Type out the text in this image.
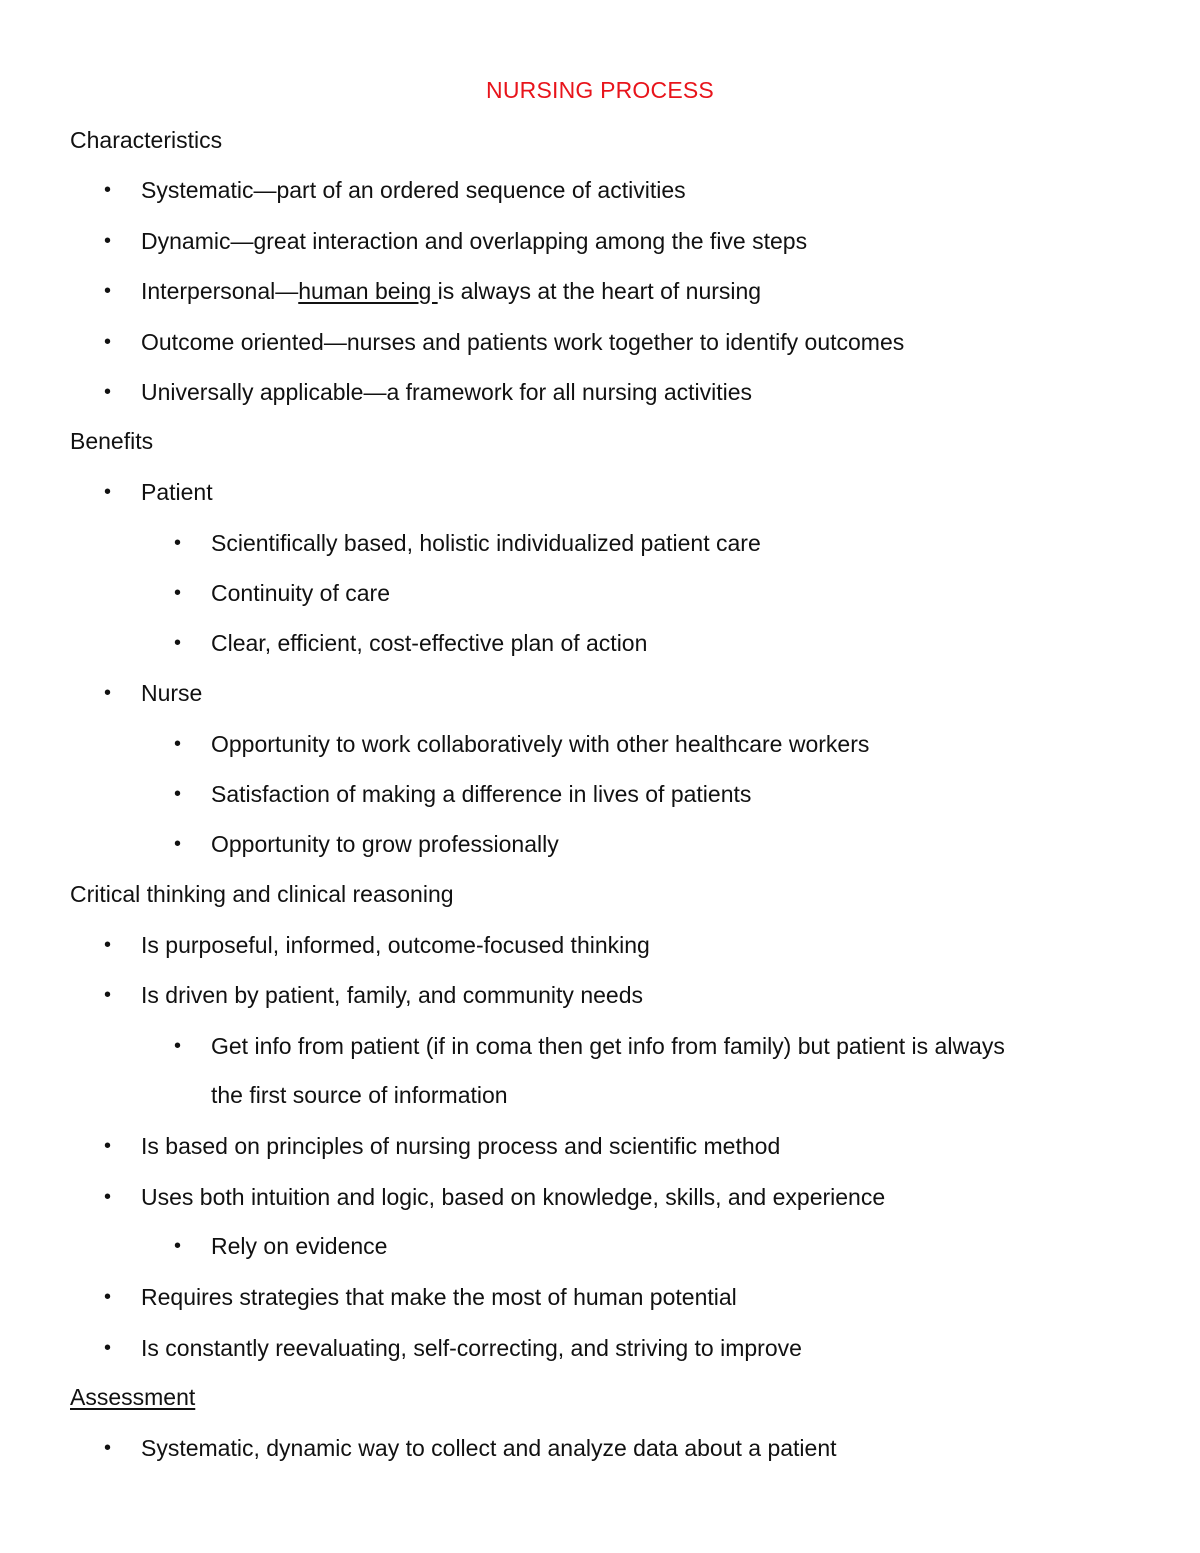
NURSING PROCESS
Characteristics
• Systematic—part of an ordered sequence of activities
• Dynamic—great interaction and overlapping among the five steps
• Interpersonal—human being is always at the heart of nursing
• Outcome oriented—nurses and patients work together to identify outcomes
• Universally applicable—a framework for all nursing activities
Benefits
• Patient
• Scientifically based, holistic individualized patient care
• Continuity of care
• Clear, efficient, cost-effective plan of action
• Nurse
• Opportunity to work collaboratively with other healthcare workers
• Satisfaction of making a difference in lives of patients
• Opportunity to grow professionally
Critical thinking and clinical reasoning
• Is purposeful, informed, outcome-focused thinking
• Is driven by patient, family, and community needs
• Get info from patient (if in coma then get info from family) but patient is always
the first source of information
• Is based on principles of nursing process and scientific method
• Uses both intuition and logic, based on knowledge, skills, and experience
• Rely on evidence
• Requires strategies that make the most of human potential
• Is constantly reevaluating, self-correcting, and striving to improve
Assessment
• Systematic, dynamic way to collect and analyze data about a patient
